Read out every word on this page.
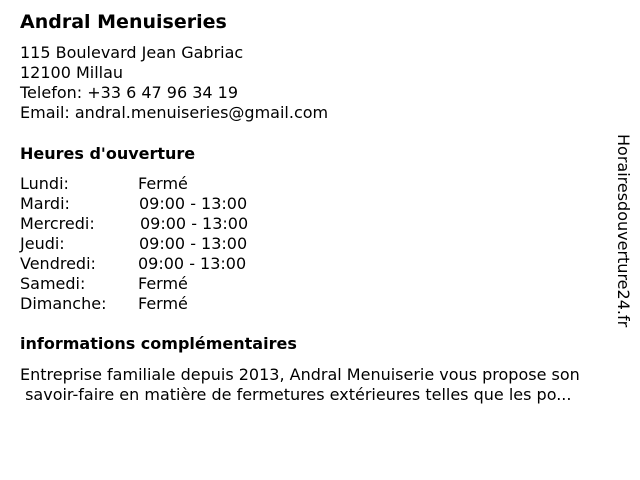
Andral Menuiseries
115 Boulevard Jean Gabriac
12100 Millau
Telefon: +33 6 47 96 34 19
Email: andral.menuiseries@gmail.com
Heures d'ouverture
Lundi:	Fermé
Mardi:	09:00 - 13:00
Mercredi:	09:00 - 13:00
Jeudi:	09:00 - 13:00
Vendredi:	09:00 - 13:00
Samedi:	Fermé
Dimanche: Fermé
informations complémentaires
Entreprise familiale depuis 2013, Andral Menuiserie vous propose son
savoir-faire en matière de fermetures extérieures telles que les po...
Horairesdouverture24.fr
